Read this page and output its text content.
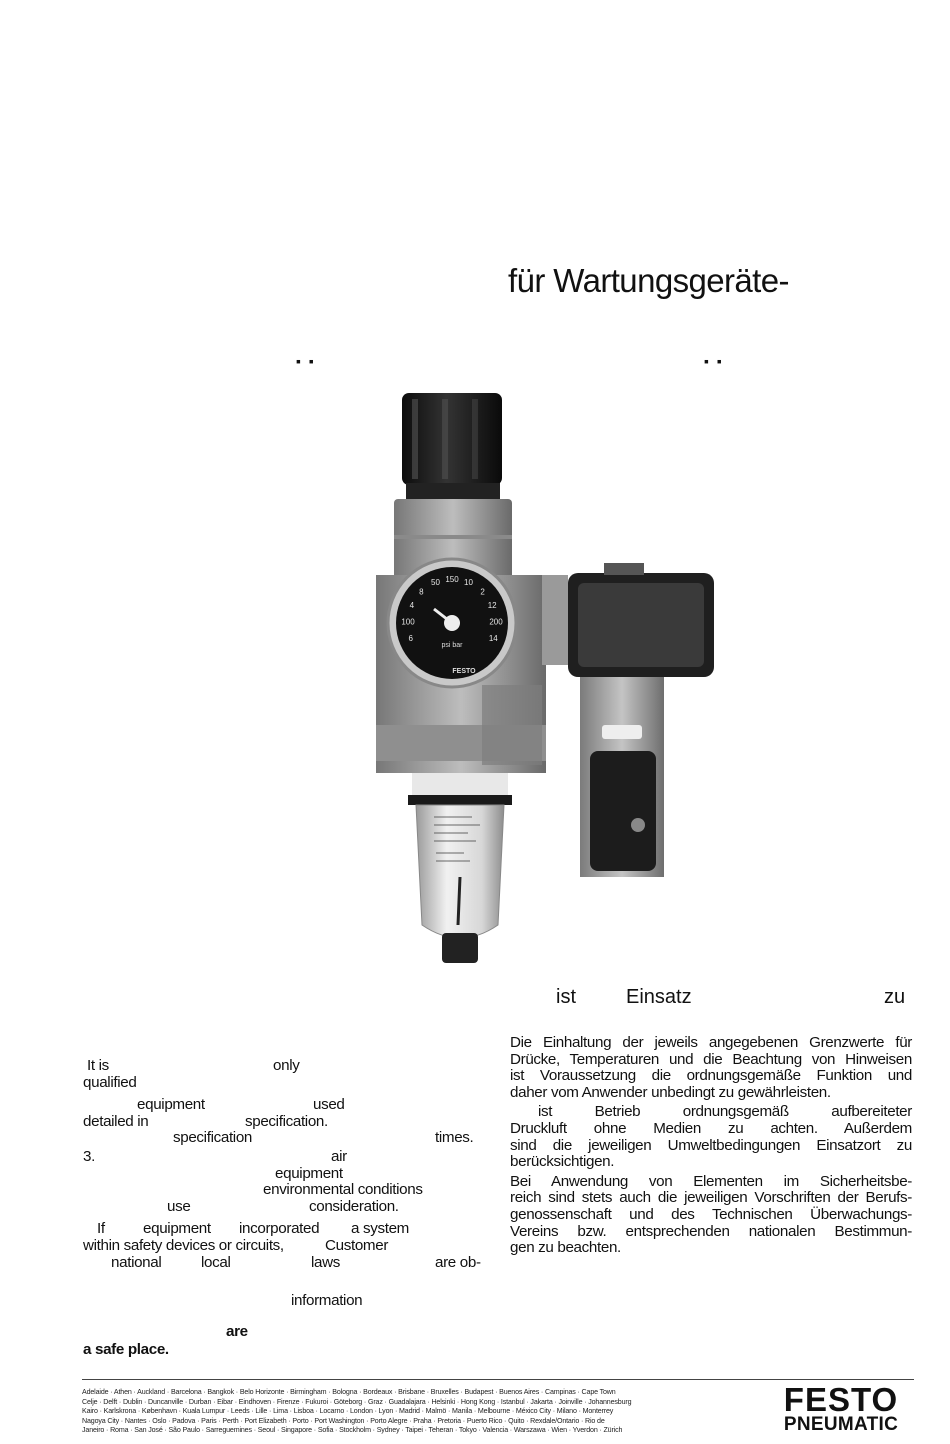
für Wartungsgeräte-
▪ ▪	▪ ▪
6
100
4
8
50 150 10
2
12
200
14
psi bar
FESTO
ist	Einsatz	zu
Die Einhaltung der jeweils angegebenen Grenzwerte für
Drücke, Temperaturen und die Beachtung von Hinweisen
ist Voraussetzung die ordnungsgemäße Funktion und
daher vom Anwender unbedingt zu gewährleisten.
ist Betrieb ordnungsgemäß aufbereiteter
Druckluft ohne Medien zu achten. Außerdem
sind die jeweiligen Umweltbedingungen Einsatzort zu
berücksichtigen.
Bei Anwendung von Elementen im Sicherheitsbe-
reich sind stets auch die jeweiligen Vorschriften der Berufs-
genossenschaft und des Technischen Überwachungs-
Vereins bzw. entsprechenden nationalen Bestimmun-
gen zu beachten.
It is	only
qualified
equipment	used
detailed in	specification.
specification	times.
3.	air
equipment
environmental conditions
use	consideration.
If	equipment incorporated a system
within safety devices or circuits,	Customer
national	local	laws	are ob-
information
are
a safe place.
Adelaide · Athen · Auckland · Barcelona · Bangkok · Belo Horizonte · Birmingham · Bologna · Bordeaux · Brisbane · Bruxelles · Budapest · Buenos Aires · Campinas · Cape Town
Celje · Delft · Dublin · Duncanville · Durban · Eibar · Eindhoven · Firenze · Fukuroi · Göteborg · Graz · Guadalajara · Helsinki · Hong Kong · Istanbul · Jakarta · Joinville · Johannesburg
Kairo · Karlskrona · København · Kuala Lumpur · Leeds · Lille · Lima · Lisboa · Locarno · London · Lyon · Madrid · Malmö · Manila · Melbourne · México City · Milano · Monterrey
Nagoya City · Nantes · Oslo · Padova · Paris · Perth · Port Elizabeth · Porto · Port Washington · Porto Alegre · Praha · Pretoria · Puerto Rico · Quito · Rexdale/Ontario · Rio de
Janeiro · Roma · San José · São Paulo · Sarreguemines · Seoul · Singapore · Sofia · Stockholm · Sydney · Taipei · Teheran · Tokyo · Valencia · Warszawa · Wien · Yverdon · Zürich
FESTO
PNEUMATIC
